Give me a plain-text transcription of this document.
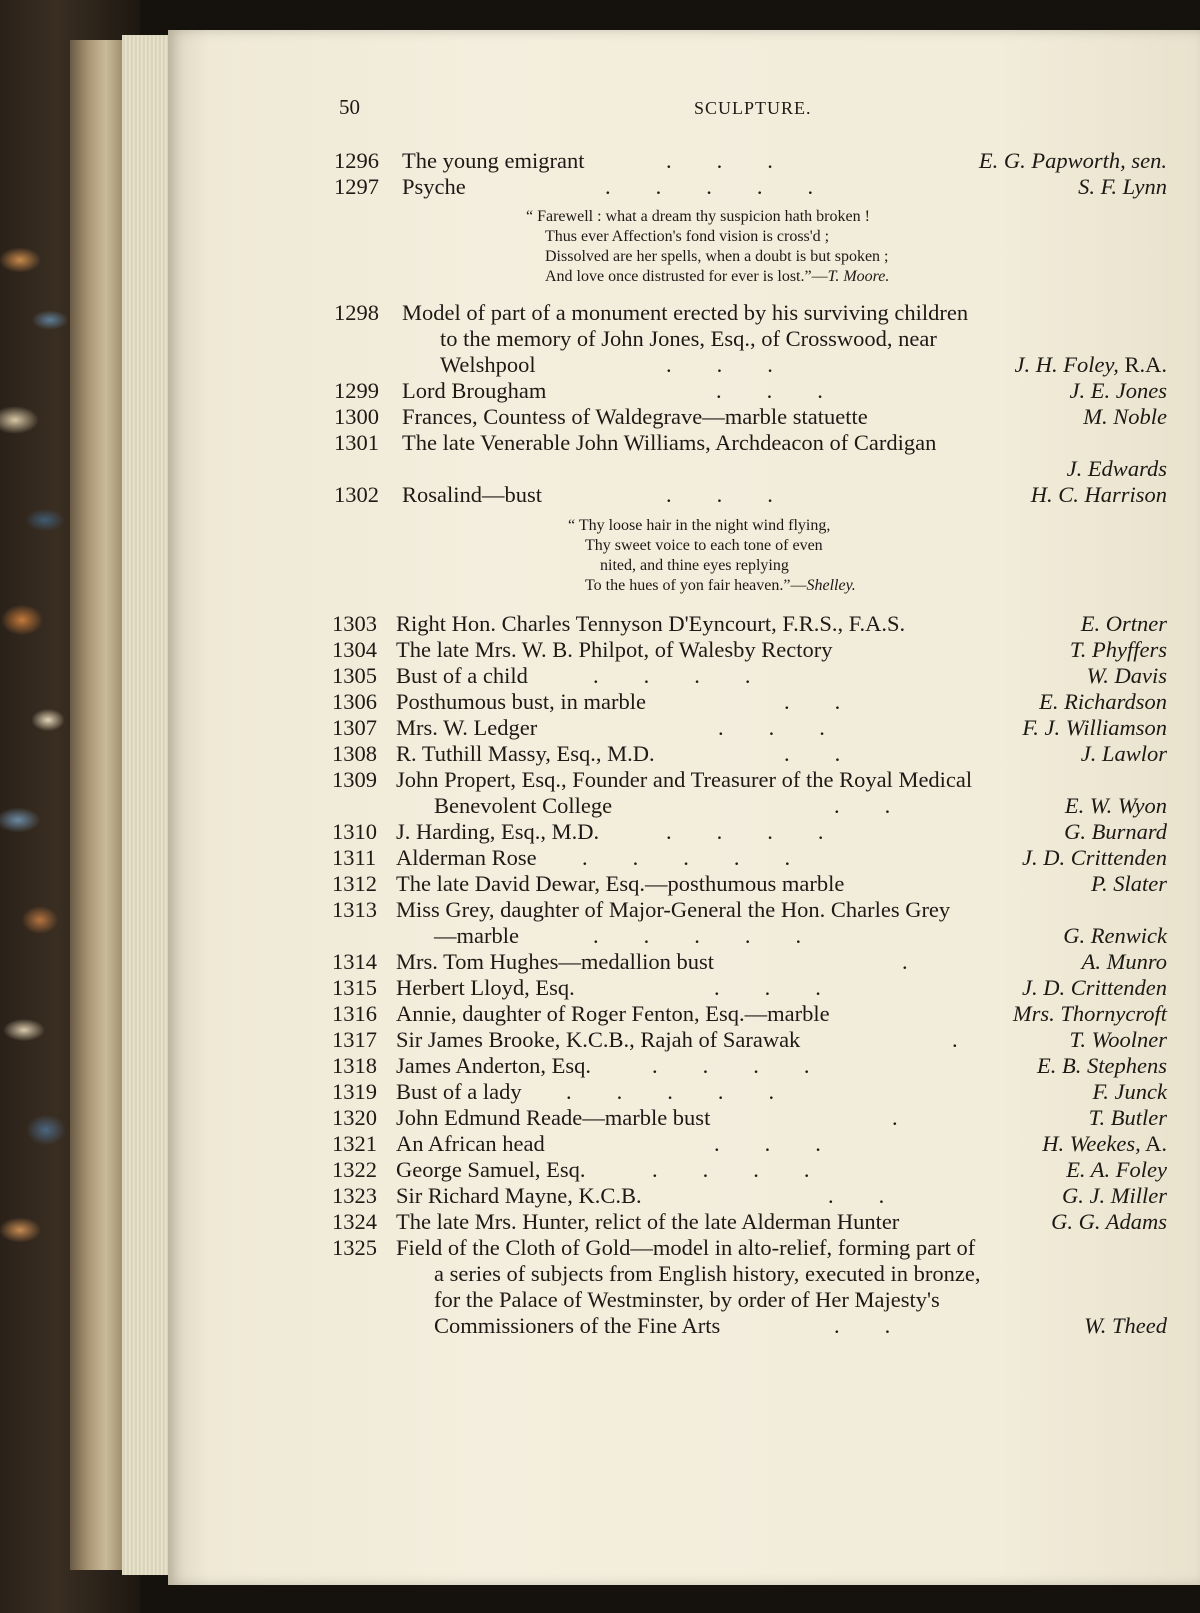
50	SCULPTURE.
1296 The young emigrant	.        .        .	E. G. Papworth, sen.
1297 Psyche	.        .        .        .        .	S. F. Lynn
“ Farewell : what a dream thy suspicion hath broken !
Thus ever Affection's fond vision is cross'd ;
Dissolved are her spells, when a doubt is but spoken ;
And love once distrusted for ever is lost.”—T. Moore.
1298 Model of part of a monument erected by his surviving children
to the memory of John Jones, Esq., of Crosswood, near
Welshpool	.        .        .	J. H. Foley, R.A.
1299 Lord Brougham	.        .        .	J. E. Jones
1300 Frances, Countess of Waldegrave—marble statuette	M. Noble
1301 The late Venerable John Williams, Archdeacon of Cardigan
J. Edwards
1302 Rosalind—bust	.        .        .	H. C. Harrison
“ Thy loose hair in the night wind flying,
Thy sweet voice to each tone of even
nited, and thine eyes replying
To the hues of yon fair heaven.”—Shelley.
1303 Right Hon. Charles Tennyson D'Eyncourt, F.R.S., F.A.S.	E. Ortner
1304 The late Mrs. W. B. Philpot, of Walesby Rectory	T. Phyffers
1305 Bust of a child	.        .        .        .	W. Davis
1306 Posthumous bust, in marble	.        .	E. Richardson
1307 Mrs. W. Ledger	.        .        .	F. J. Williamson
1308 R. Tuthill Massy, Esq., M.D.	.        .	J. Lawlor
1309 John Propert, Esq., Founder and Treasurer of the Royal Medical
Benevolent College	.        .	E. W. Wyon
1310 J. Harding, Esq., M.D.	.        .        .        .	G. Burnard
1311 Alderman Rose .        .        .        .        .	J. D. Crittenden
1312 The late David Dewar, Esq.—posthumous marble	P. Slater
1313 Miss Grey, daughter of Major-General the Hon. Charles Grey
—marble	.        .        .        .        .	G. Renwick
1314 Mrs. Tom Hughes—medallion bust	.	A. Munro
1315 Herbert Lloyd, Esq.	.        .        .	J. D. Crittenden
1316 Annie, daughter of Roger Fenton, Esq.—marble	Mrs. Thornycroft
1317 Sir James Brooke, K.C.B., Rajah of Sarawak	.	T. Woolner
1318 James Anderton, Esq.	.        .        .        .	E. B. Stephens
1319 Bust of a lady .        .        .        .        .	F. Junck
1320 John Edmund Reade—marble bust	.	T. Butler
1321 An African head	.        .        .	H. Weekes, A.
1322 George Samuel, Esq.	.        .        .        .	E. A. Foley
1323 Sir Richard Mayne, K.C.B.	.        .	G. J. Miller
1324 The late Mrs. Hunter, relict of the late Alderman Hunter	G. G. Adams
1325 Field of the Cloth of Gold—model in alto-relief, forming part of
a series of subjects from English history, executed in bronze,
for the Palace of Westminster, by order of Her Majesty's
Commissioners of the Fine Arts	.        .	W. Theed
